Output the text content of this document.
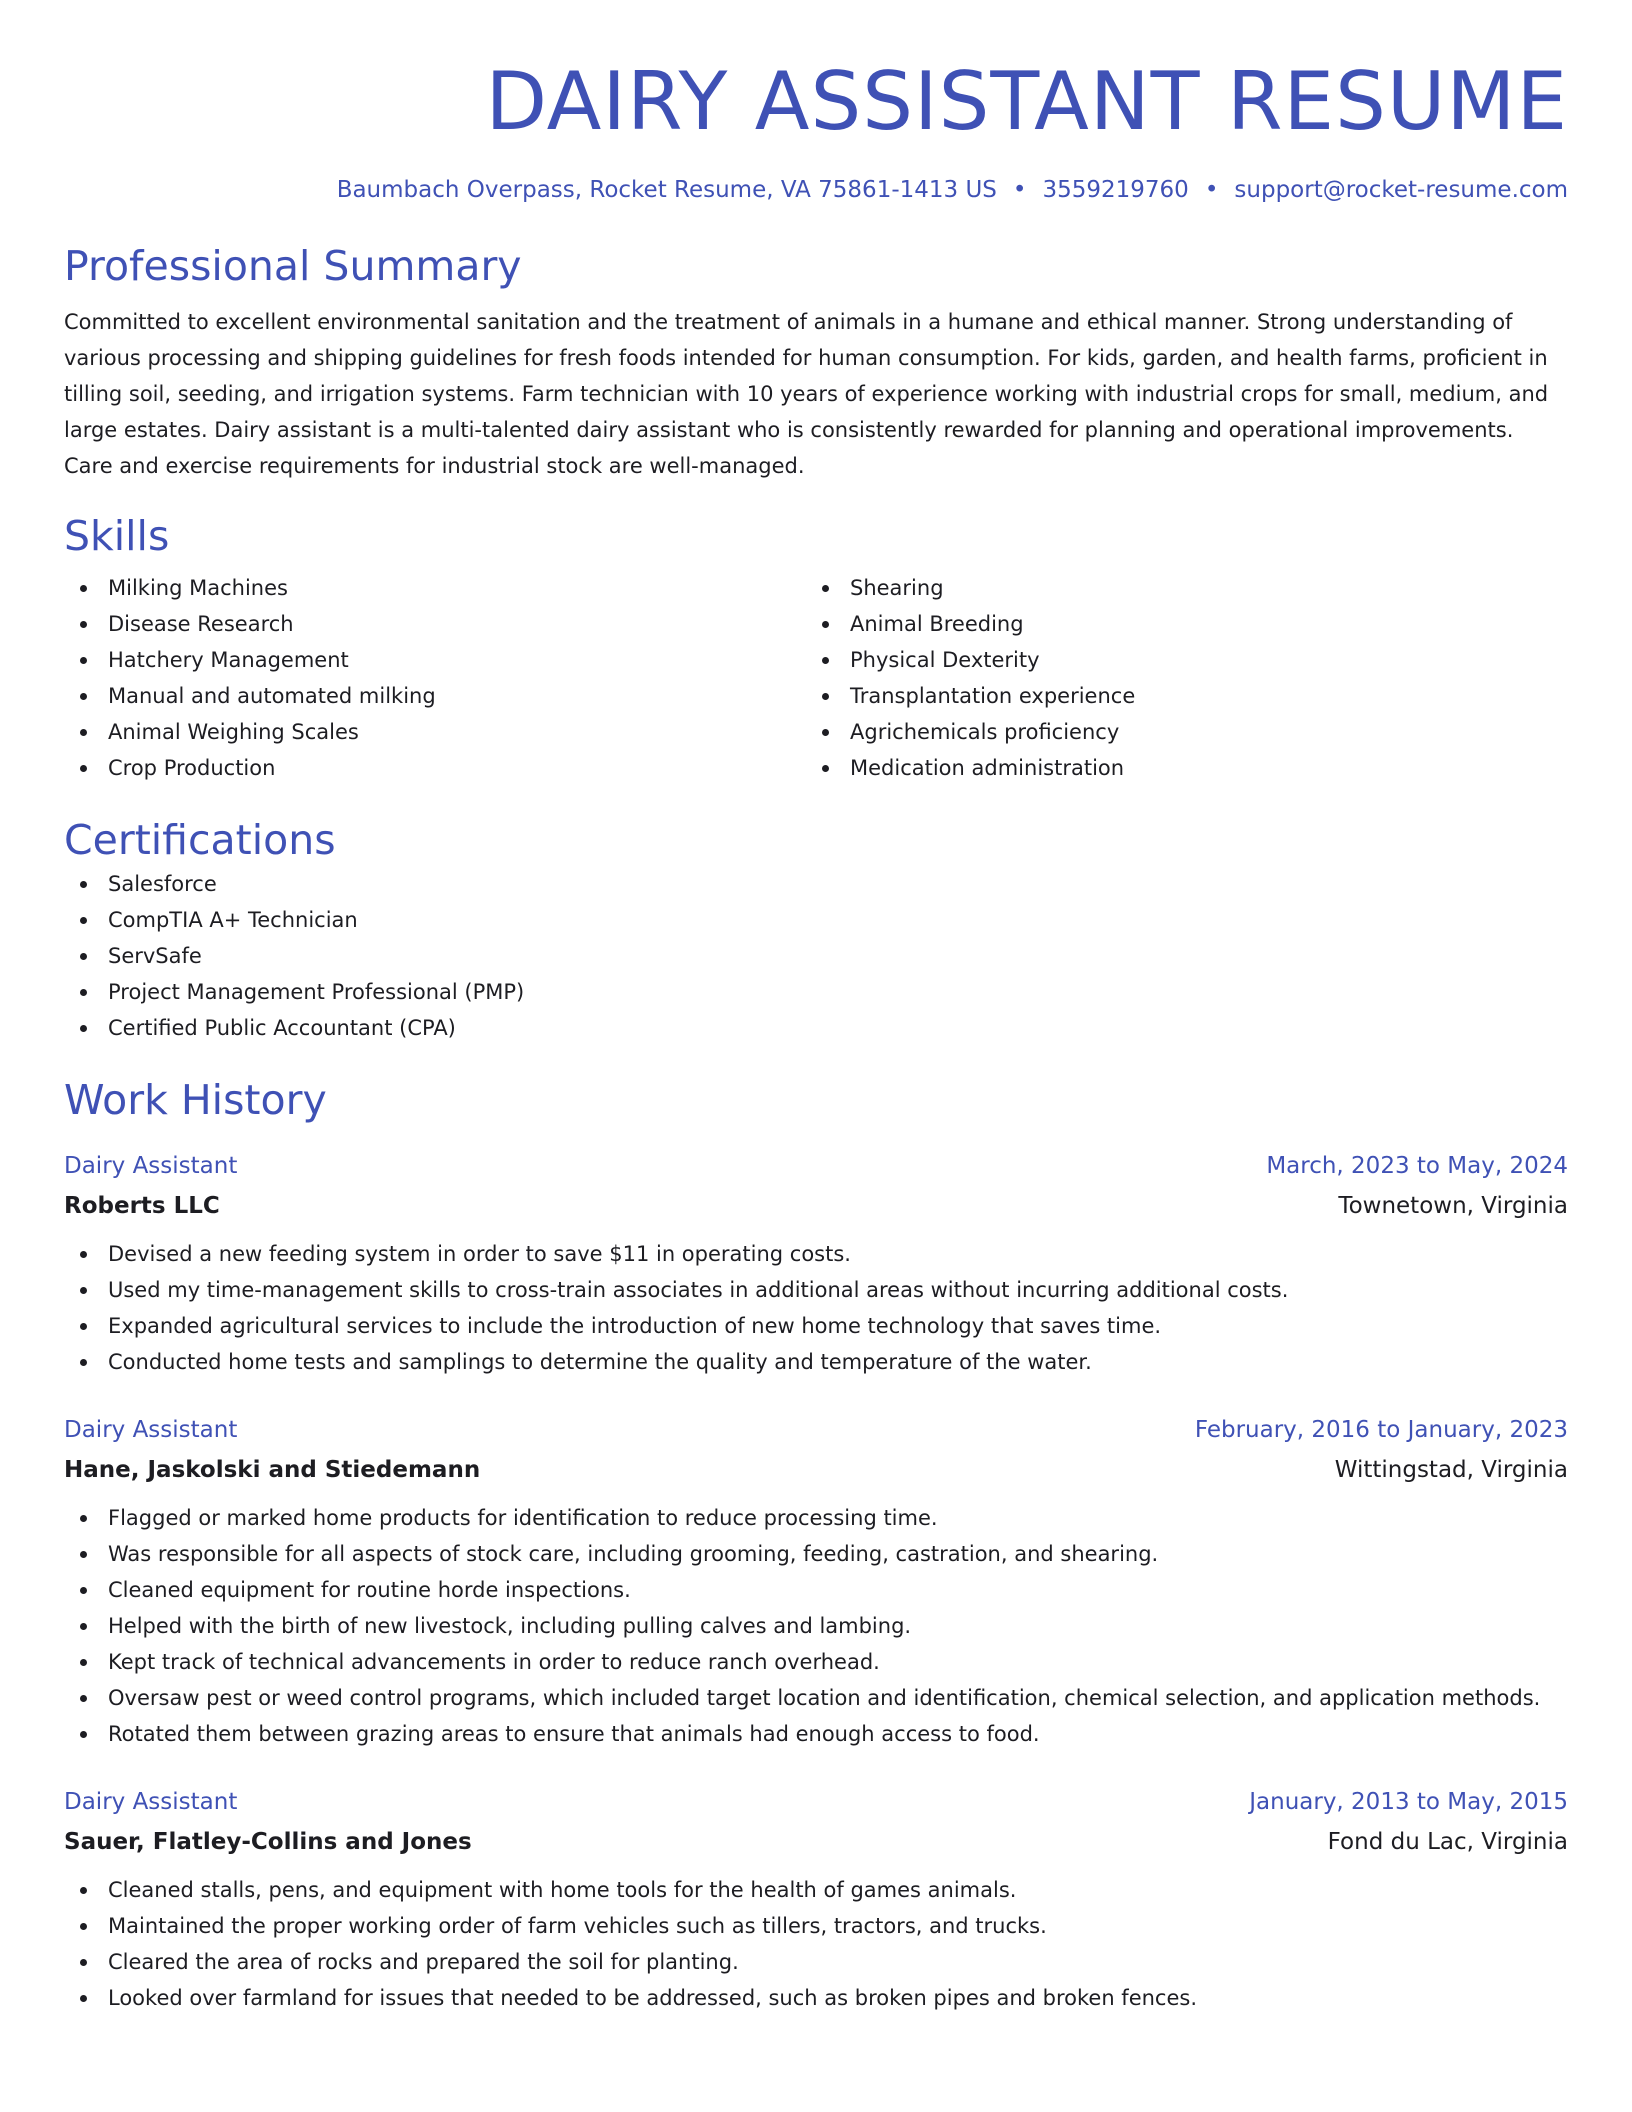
DAIRY ASSISTANT RESUME
Baumbach Overpass, Rocket Resume, VA 75861-1413 US • 3559219760 • support@rocket-resume.com
Professional Summary

Committed to excellent environmental sanitation and the treatment of animals in a humane and ethical manner. Strong understanding of various processing and shipping guidelines for fresh foods intended for human consumption. For kids, garden, and health farms, proficient in tilling soil, seeding, and irrigation systems. Farm technician with 10 years of experience working with industrial crops for small, medium, and large estates. Dairy assistant is a multi-talented dairy assistant who is consistently rewarded for planning and operational improvements. Care and exercise requirements for industrial stock are well-managed.

Skills
Milking Machines
Disease Research
Hatchery Management
Manual and automated milking
Animal Weighing Scales
Crop Production
Shearing
Animal Breeding
Physical Dexterity
Transplantation experience
Agrichemicals proficiency
Medication administration
Certifications
Salesforce
CompTIA A+ Technician
ServSafe
Project Management Professional (PMP)
Certified Public Accountant (CPA)
Work History
Dairy Assistant	March, 2023 to May, 2024
Roberts LLC	Townetown, Virginia
Devised a new feeding system in order to save $11 in operating costs.
Used my time-management skills to cross-train associates in additional areas without incurring additional costs.
Expanded agricultural services to include the introduction of new home technology that saves time.
Conducted home tests and samplings to determine the quality and temperature of the water.
Dairy Assistant	February, 2016 to January, 2023
Hane, Jaskolski and Stiedemann	Wittingstad, Virginia
Flagged or marked home products for identification to reduce processing time.
Was responsible for all aspects of stock care, including grooming, feeding, castration, and shearing.
Cleaned equipment for routine horde inspections.
Helped with the birth of new livestock, including pulling calves and lambing.
Kept track of technical advancements in order to reduce ranch overhead.
Oversaw pest or weed control programs, which included target location and identification, chemical selection, and application methods.
Rotated them between grazing areas to ensure that animals had enough access to food.
Dairy Assistant	January, 2013 to May, 2015
Sauer, Flatley-Collins and Jones	Fond du Lac, Virginia
Cleaned stalls, pens, and equipment with home tools for the health of games animals.
Maintained the proper working order of farm vehicles such as tillers, tractors, and trucks.
Cleared the area of rocks and prepared the soil for planting.
Looked over farmland for issues that needed to be addressed, such as broken pipes and broken fences.
